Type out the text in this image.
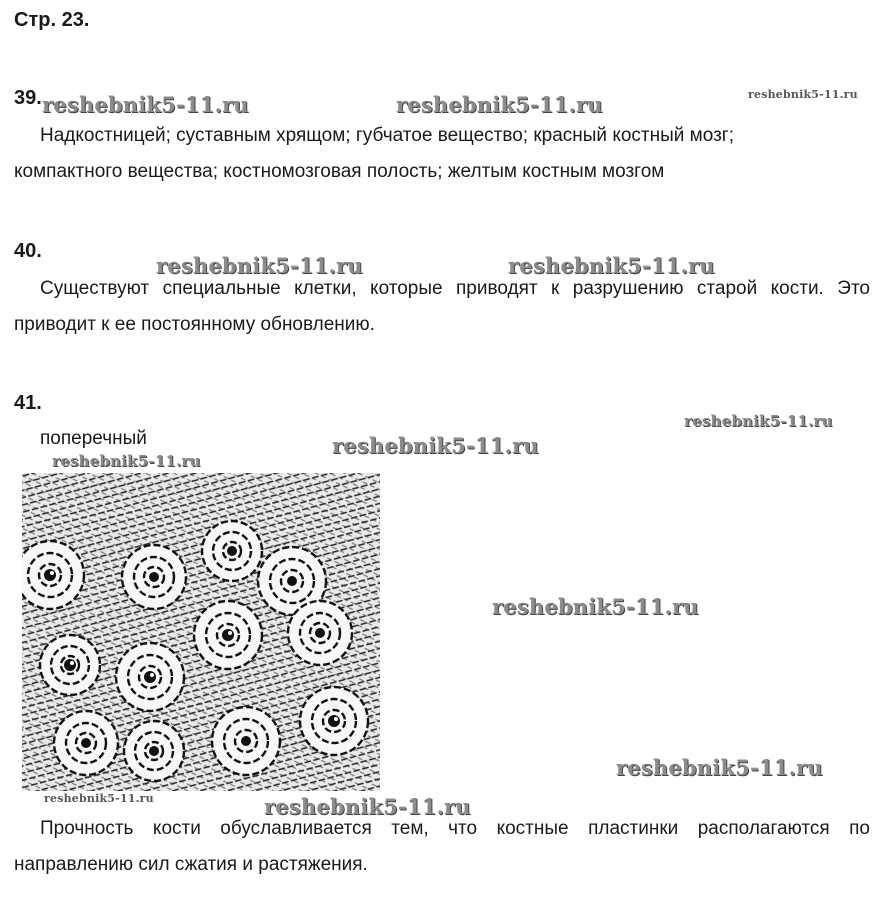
Стр. 23.
39. reshebnik5-11.ru	reshebnik5-11.ru	reshebnik5-11.ru
Надкостницей; суставным хрящом; губчатое вещество; красный костный мозг;
компактного вещества; костномозговая полость; желтым костным мозгом
40.
reshebnik5-11.ru	reshebnik5-11.ru
Существуют специальные клетки, которые приводят к разрушению старой кости. Это приводит к ее постоянному обновлению.
41.
reshebnik5-11.ru
поперечный	reshebnik5-11.ru
reshebnik5-11.ru
reshebnik5-11.ru
reshebnik5-11.ru
reshebnik5-11.ru	reshebnik5-11.ru
Прочность кости обуславливается тем, что костные пластинки располагаются по направлению сил сжатия и растяжения.
